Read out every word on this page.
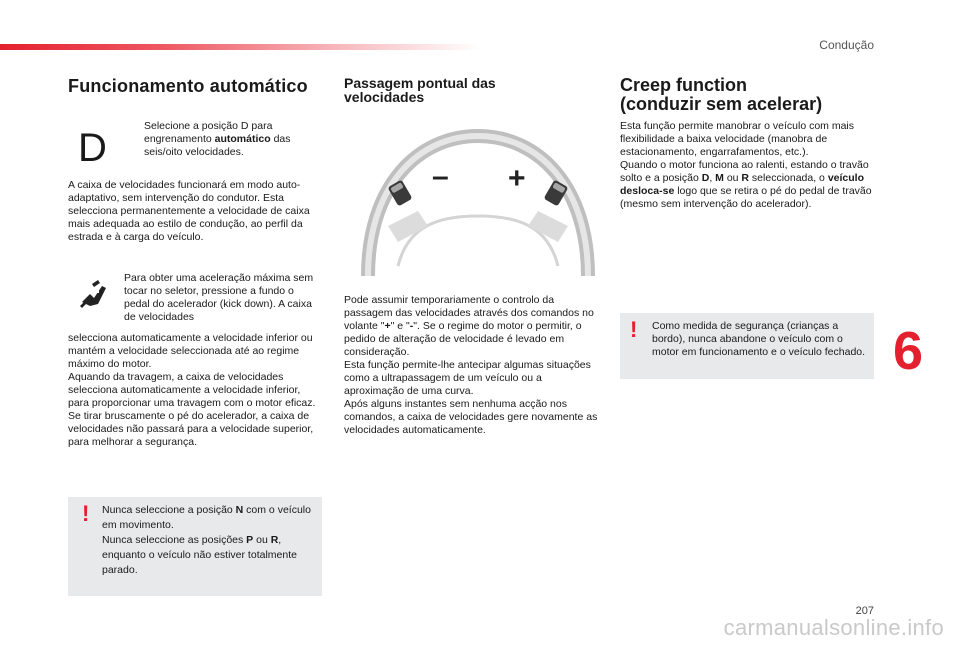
Condução
Funcionamento automático
D	Selecione a posição D para engrenamento automático das seis/oito velocidades.

A caixa de velocidades funcionará em modo auto-adaptativo, sem intervenção do condutor. Esta selecciona permanentemente a velocidade de caixa mais adequada ao estilo de condução, ao perfil da estrada e à carga do veículo.

Para obter uma aceleração máxima sem tocar no seletor, pressione a fundo o pedal do acelerador (kick down). A caixa de velocidades

selecciona automaticamente a velocidade inferior ou mantém a velocidade seleccionada até ao regime máximo do motor.

Aquando da travagem, a caixa de velocidades selecciona automaticamente a velocidade inferior, para proporcionar uma travagem com o motor eficaz.

Se tirar bruscamente o pé do acelerador, a caixa de velocidades não passará para a velocidade superior, para melhorar a segurança.

! Nunca seleccione a posição N com o veículo em movimento.
Nunca seleccione as posições P ou R, enquanto o veículo não estiver totalmente parado.

Passagem pontual das
velocidades
– +

Pode assumir temporariamente o controlo da passagem das velocidades através dos comandos no volante "+" e "-". Se o regime do motor o permitir, o pedido de alteração de velocidade é levado em consideração.

Esta função permite-lhe antecipar algumas situações como a ultrapassagem de um veículo ou a aproximação de uma curva.

Após alguns instantes sem nenhuma acção nos comandos, a caixa de velocidades gere novamente as velocidades automaticamente.

Creep function
(conduzir sem acelerar)

Esta função permite manobrar o veículo com mais flexibilidade a baixa velocidade (manobra de estacionamento, engarrafamentos, etc.).

Quando o motor funciona ao ralenti, estando o travão solto e a posição D, M ou R seleccionada, o veículo desloca-se logo que se retira o pé do pedal de travão (mesmo sem intervenção do acelerador).

! Como medida de segurança (crianças a bordo), nunca abandone o veículo com o motor em funcionamento e o veículo fechado. 6
207
carmanualsonline.info
